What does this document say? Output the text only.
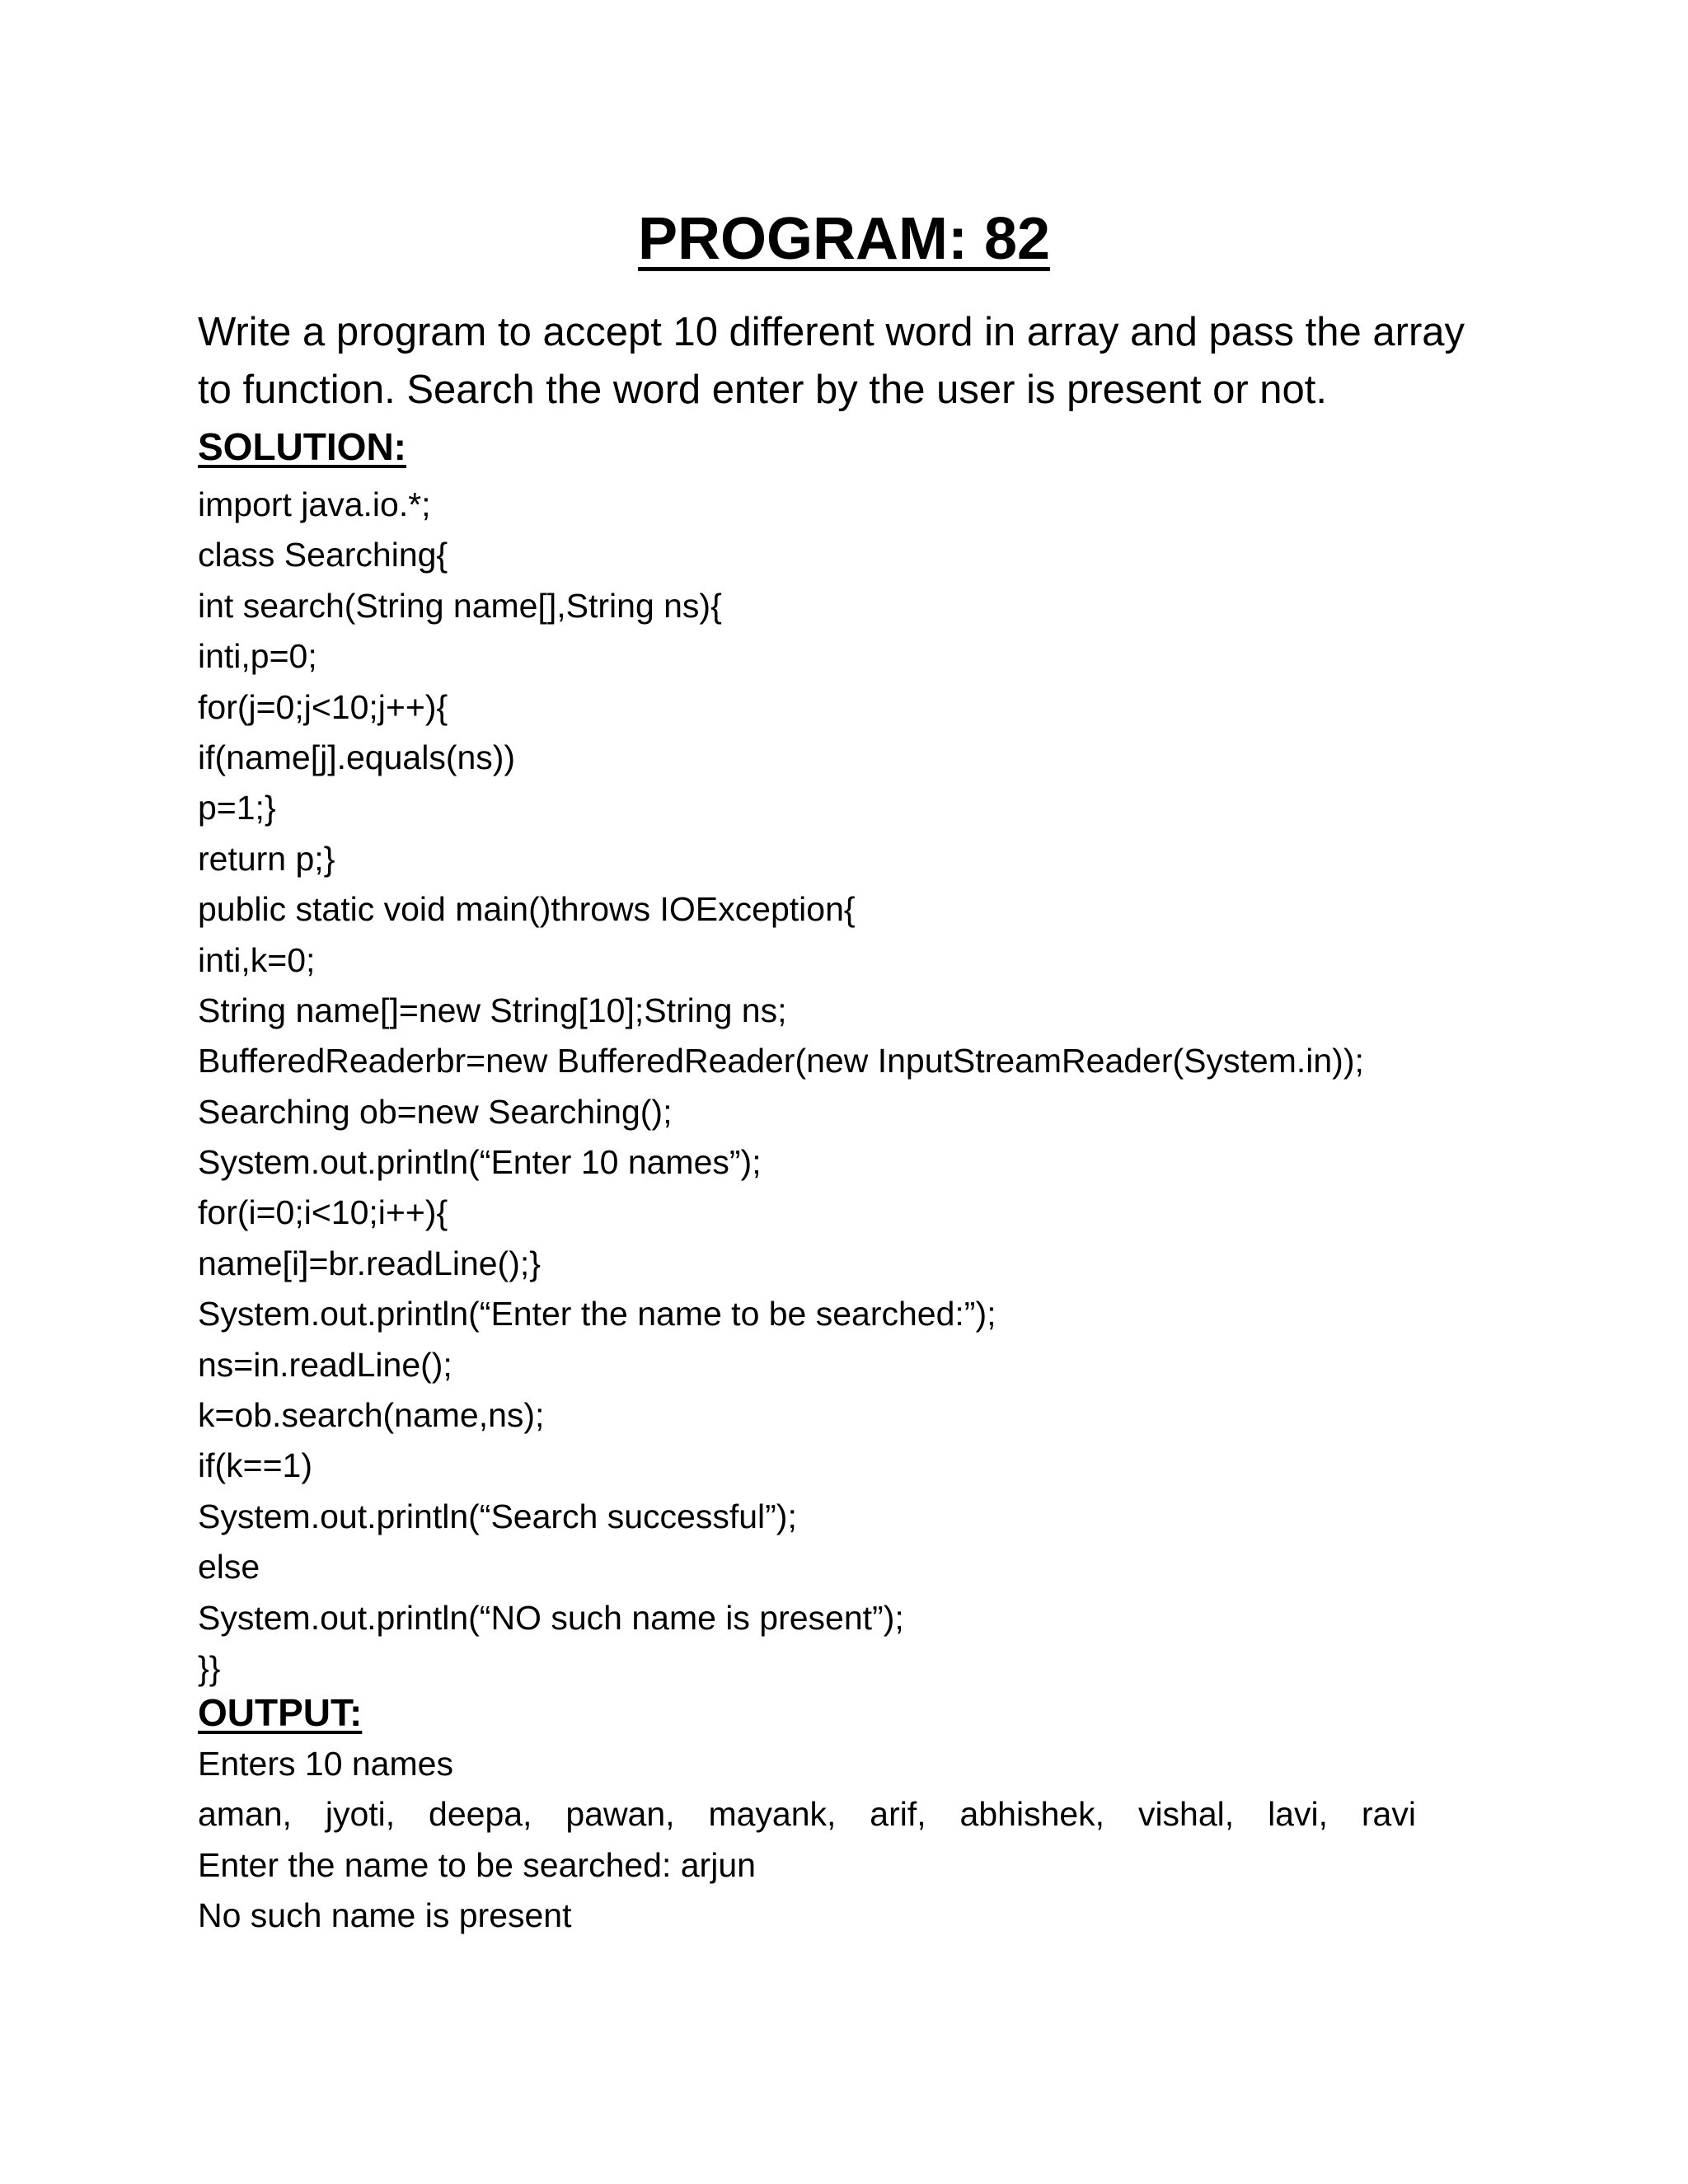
PROGRAM: 82
Write a program to accept 10 different word in array and pass the array
to function. Search the word enter by the user is present or not.
SOLUTION:
import java.io.*;
class Searching{
int search(String name[],String ns){
inti,p=0;
for(j=0;j<10;j++){
if(name[j].equals(ns))
p=1;}
return p;}
public static void main()throws IOException{
inti,k=0;
String name[]=new String[10];String ns;
BufferedReaderbr=new BufferedReader(new InputStreamReader(System.in));
Searching ob=new Searching();
System.out.println(“Enter 10 names”);
for(i=0;i<10;i++){
name[i]=br.readLine();}
System.out.println(“Enter the name to be searched:”);
ns=in.readLine();
k=ob.search(name,ns);
if(k==1)
System.out.println(“Search successful”);
else
System.out.println(“NO such name is present”);
}}
OUTPUT:
Enters 10 names
aman, jyoti, deepa, pawan, mayank, arif, abhishek, vishal, lavi, ravi
Enter the name to be searched: arjun
No such name is present
